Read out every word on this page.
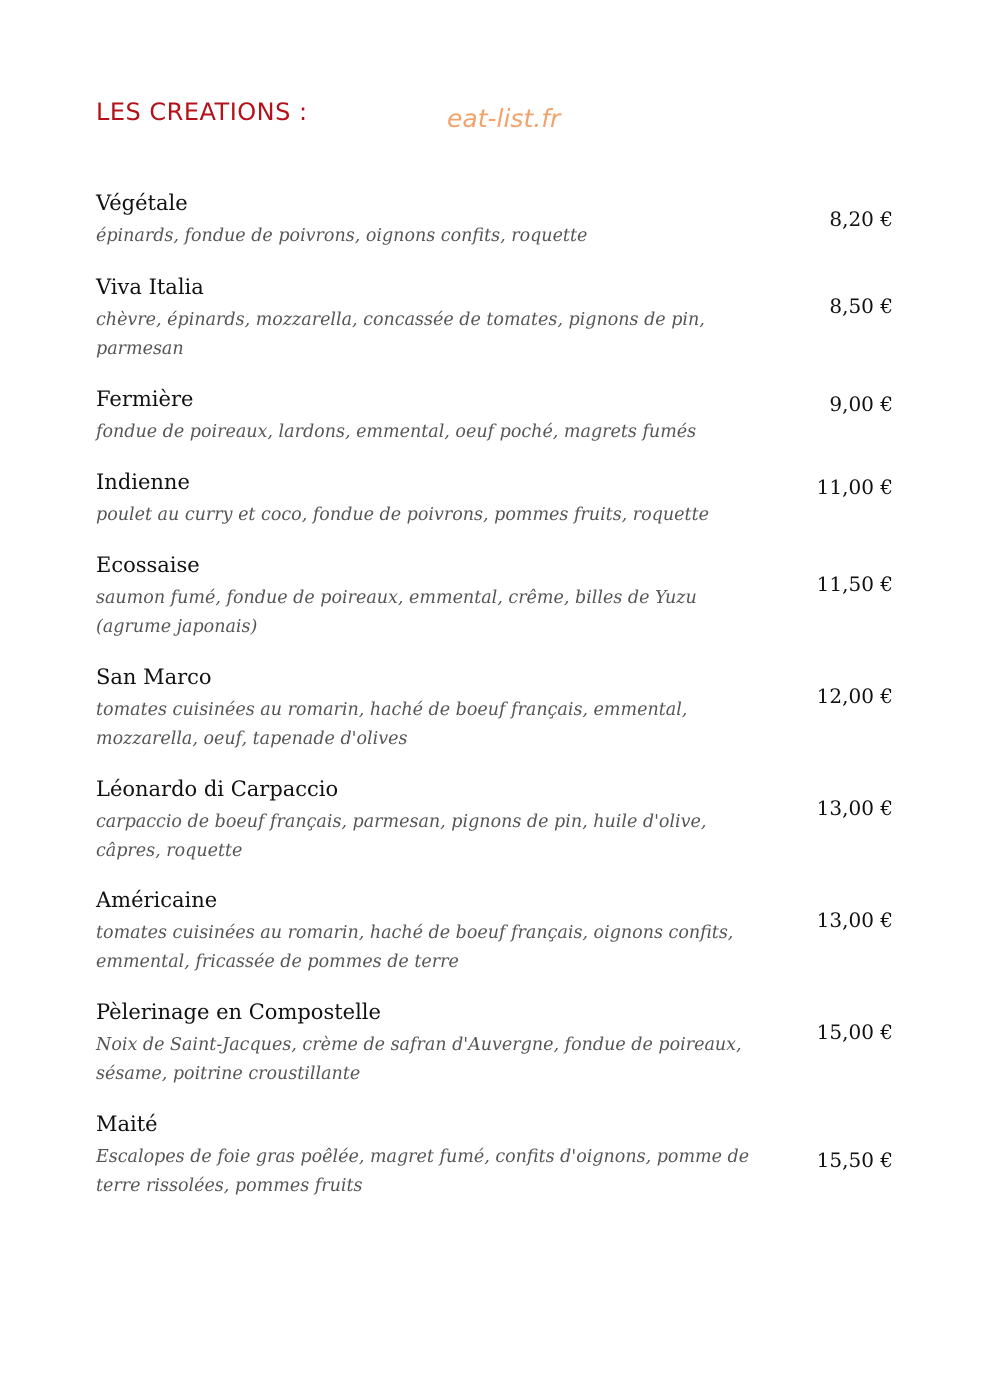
LES CREATIONS :	eat-list.fr
Végétale
épinards, fondue de poivrons, oignons confits, roquette
8,20 €
Viva Italia
chèvre, épinards, mozzarella, concassée de tomates, pignons de pin, parmesan
8,50 €
Fermière
fondue de poireaux, lardons, emmental, oeuf poché, magrets fumés
9,00 €
Indienne
poulet au curry et coco, fondue de poivrons, pommes fruits, roquette
11,00 €
Ecossaise
saumon fumé, fondue de poireaux, emmental, crême, billes de Yuzu (agrume japonais)
11,50 €
San Marco
tomates cuisinées au romarin, haché de boeuf français, emmental, mozzarella, oeuf, tapenade d'olives
12,00 €
Léonardo di Carpaccio
carpaccio de boeuf français, parmesan, pignons de pin, huile d'olive, câpres, roquette
13,00 €
Américaine
tomates cuisinées au romarin, haché de boeuf français, oignons confits, emmental, fricassée de pommes de terre
13,00 €
Pèlerinage en Compostelle
Noix de Saint-Jacques, crème de safran d'Auvergne, fondue de poireaux, sésame, poitrine croustillante
15,00 €
Maité
Escalopes de foie gras poêlée, magret fumé, confits d'oignons, pomme de terre rissolées, pommes fruits
15,50 €
